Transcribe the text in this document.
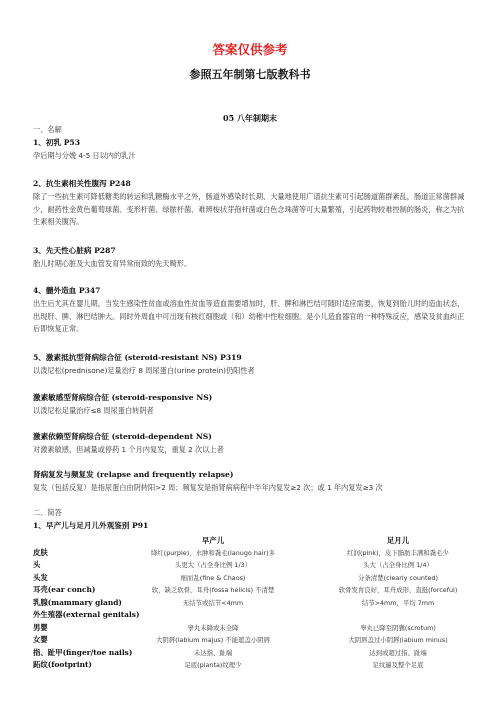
答案仅供参考
参照五年制第七版教科书
05 八年制期末
一、名解
1、初乳 P53
孕后期与分娩 4-5 日以内的乳汁
2、抗生素相关性腹泻 P248
除了一些抗生素可降低糖类的转运和乳糖酶水平之外，肠道外感染时长期、大量地使用广谱抗生素可引起肠道菌群紊乱，肠道正常菌群减少，耐药性金黄色葡萄球菌、变形杆菌、绿脓杆菌、难辨梭状芽孢杆菌或白色念珠菌等可大量繁殖，引起药物较难控制的肠炎，称之为抗生素相关腹泻。
3、先天性心脏病 P287
胎儿时期心脏及大血管发育异常而致的先天畸形。
4、髓外造血 P347
出生后尤其在婴儿期，当发生感染性贫血或溶血性贫血等造血需要增加时，肝、脾和淋巴结可随时适应需要，恢复到胎儿时的造血状态，出现肝、脾、淋巴结肿大。同时外周血中可出现有核红细胞或（和）幼稚中性粒细胞。是小儿造血器官的一种特殊反应，感染及贫血纠正后即恢复正常。
5、激素抵抗型肾病综合征 (steroid-resistant NS) P319
以泼尼松(prednisone)足量治疗 8 周尿蛋白(urine protein)仍阳性者
激素敏感型肾病综合征 (steroid-responsive NS)
以泼尼松足量治疗≤8 周尿蛋白转阴者
激素依赖型肾病综合征 (steroid-dependent NS)
对激素敏感，但减量或停药 1 个月内复发，重复 2 次以上者
肾病复发与频复发 (relapse and frequently relapse)
复发（包括反复）是指尿蛋白由阴转阳>2 周；频复发是指肾病病程中半年内复发≥2 次；或 1 年内复发≥3 次
二、简答
1、早产儿与足月儿外观鉴别 P91
早产儿	足月儿
皮肤	绛红(purple)，水肿和毳毛(lanugo hair)多	红润(pink)，皮下脂肪丰满和毳毛少
头	头更大（占全身比例 1/3）	头大（占全身比例 1/4）
头发	细而乱(fine & Chaos)	分条清楚(clearly counted)
耳壳(ear conch)	软，缺乏软骨，耳舟(fossa helicis) 不清楚	软骨发育良好，耳舟成形，直挺(forceful)
乳腺(mammary gland)	无结节或结节<4mm	结节>4mm，平均 7mm
外生殖器(external genitals)
男婴	睾丸未降或未全降	睾丸已降至阴囊(scrotum)
女婴	大阴唇(labium majus) 不能遮盖小阴唇	大阴唇盖过小阴唇(labium minus)
指、趾甲(finger/toe nails)	未达指、趾端	达到或超过指、趾端
跖纹(footprint)	足底(planta)纹理少	足纹遍及整个足底
